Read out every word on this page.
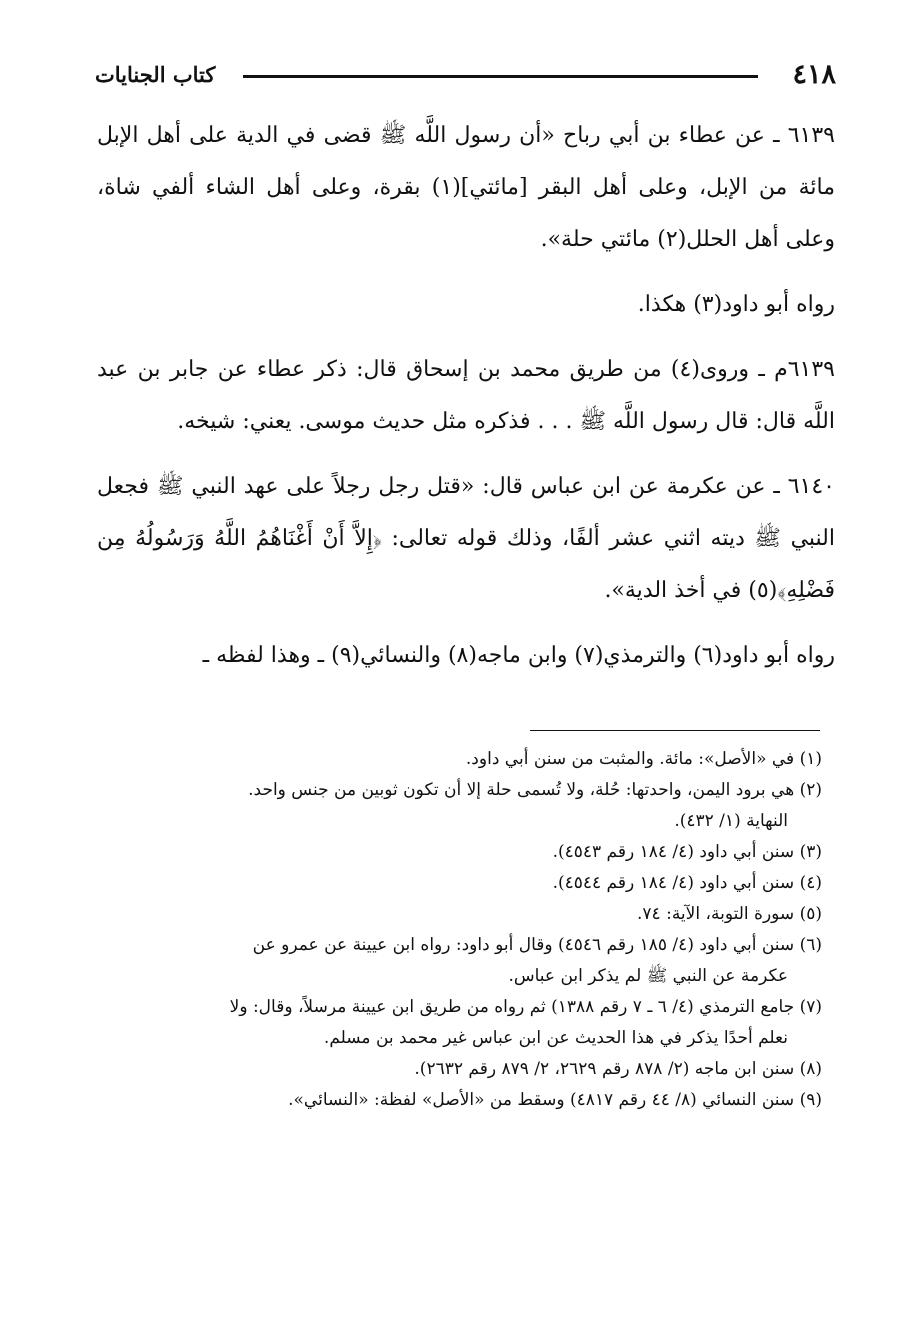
٤١٨
كتاب الجنايات

٦١٣٩ ـ عن عطاء بن أبي رباح «أن رسول اللَّه ﷺ قضى في الدية على أهل الإبل مائة من الإبل، وعلى أهل البقر [مائتي](١) بقرة، وعلى أهل الشاء ألفي شاة، وعلى أهل الحلل(٢) مائتي حلة».

رواه أبو داود(٣) هكذا.

٦١٣٩م ـ وروى(٤) من طريق محمد بن إسحاق قال: ذكر عطاء عن جابر بن عبد اللَّه قال: قال رسول اللَّه ﷺ . . . فذكره مثل حديث موسى. يعني: شيخه.

٦١٤٠ ـ عن عكرمة عن ابن عباس قال: «قتل رجل رجلاً على عهد النبي ﷺ فجعل النبي ﷺ ديته اثني عشر ألفًا، وذلك قوله تعالى: ﴿إِلاَّ أَنْ أَغْنَاهُمُ اللَّهُ وَرَسُولُهُ مِن فَضْلِهِ﴾(٥) في أخذ الدية».

رواه أبو داود(٦) والترمذي(٧) وابن ماجه(٨) والنسائي(٩) ـ وهذا لفظه ـ

(١) في «الأصل»: مائة. والمثبت من سنن أبي داود.

(٢) هي برود اليمن، واحدتها: حُلة، ولا تُسمى حلة إلا أن تكون ثوبين من جنس واحد.

النهاية (١/ ٤٣٢).

(٣) سنن أبي داود (٤/ ١٨٤ رقم ٤٥٤٣).

(٤) سنن أبي داود (٤/ ١٨٤ رقم ٤٥٤٤).

(٥) سورة التوبة، الآية: ٧٤.

(٦) سنن أبي داود (٤/ ١٨٥ رقم ٤٥٤٦) وقال أبو داود: رواه ابن عيينة عن عمرو عن

عكرمة عن النبي ﷺ لم يذكر ابن عباس.

(٧) جامع الترمذي (٤/ ٦ ـ ٧ رقم ١٣٨٨) ثم رواه من طريق ابن عيينة مرسلاً، وقال: ولا

نعلم أحدًا يذكر في هذا الحديث عن ابن عباس غير محمد بن مسلم.

(٨) سنن ابن ماجه (٢/ ٨٧٨ رقم ٢٦٢٩، ٢/ ٨٧٩ رقم ٢٦٣٢).

(٩) سنن النسائي (٨/ ٤٤ رقم ٤٨١٧) وسقط من «الأصل» لفظة: «النسائي».
